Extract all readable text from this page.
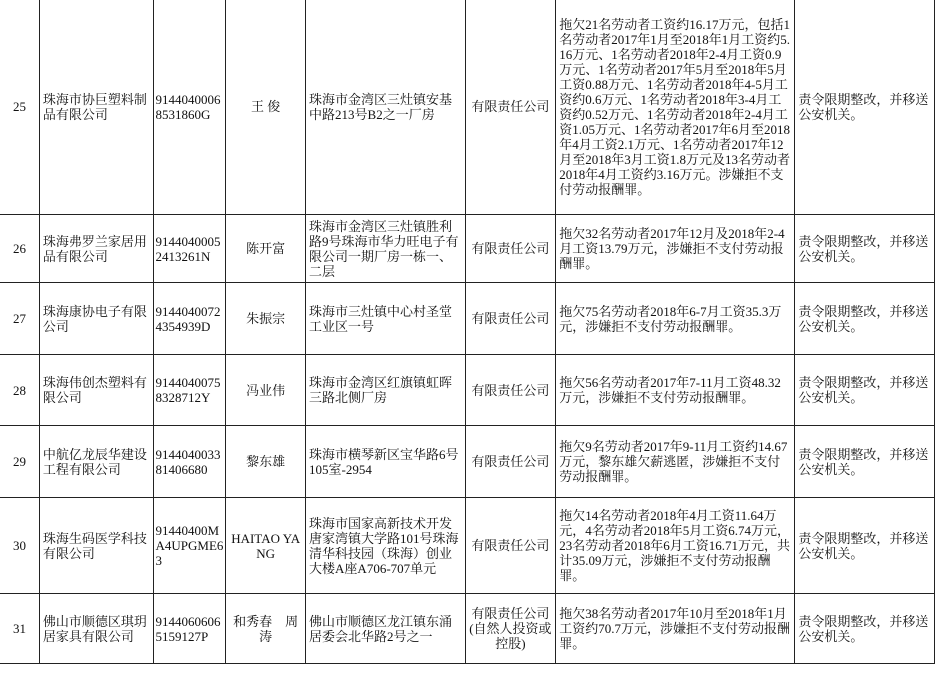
25	珠海市协巨塑料制品有限公司	91440400068531860G	王 俊	珠海市金湾区三灶镇安基中路213号B2之一厂房	有限责任公司	拖欠21名劳动者工资约16.17万元，包括1名劳动者2017年1月至2018年1月工资约5.16万元、1名劳动者2018年2-4月工资0.9万元、1名劳动者2017年5月至2018年5月工资0.88万元、1名劳动者2018年4-5月工资约0.6万元、1名劳动者2018年3-4月工资约0.52万元、1名劳动者2018年2-4月工资1.05万元、1名劳动者2017年6月至2018年4月工资2.1万元、1名劳动者2017年12月至2018年3月工资1.8万元及13名劳动者2018年4月工资约3.16万元。涉嫌拒不支付劳动报酬罪。	责令限期整改，并移送公安机关。
26	珠海弗罗兰家居用品有限公司	91440400052413261N	陈开富	珠海市金湾区三灶镇胜利路9号珠海市华力旺电子有限公司一期厂房一栋一、二层	有限责任公司	拖欠32名劳动者2017年12月及2018年2-4月工资13.79万元，涉嫌拒不支付劳动报酬罪。	责令限期整改，并移送公安机关。
27	珠海康协电子有限公司	91440400724354939D	朱振宗	珠海市三灶镇中心村圣堂工业区一号	有限责任公司	拖欠75名劳动者2018年6-7月工资35.3万元，涉嫌拒不支付劳动报酬罪。	责令限期整改，并移送公安机关。
28	珠海伟创杰塑料有限公司	91440400758328712Y	冯业伟	珠海市金湾区红旗镇虹晖三路北侧厂房	有限责任公司	拖欠56名劳动者2017年7-11月工资48.32万元，涉嫌拒不支付劳动报酬罪。	责令限期整改，并移送公安机关。
29	中航亿龙辰华建设工程有限公司	914404003381406680	黎东雄	珠海市横琴新区宝华路6号105室-2954	有限责任公司	拖欠9名劳动者2017年9-11月工资约14.67万元，黎东雄欠薪逃匿，涉嫌拒不支付劳动报酬罪。	责令限期整改，并移送公安机关。
30	珠海生码医学科技有限公司	91440400MA4UPGME63	HAITAO YANG	珠海市国家高新技术开发唐家湾镇大学路101号珠海清华科技园（珠海）创业大楼A座A706-707单元	有限责任公司	拖欠14名劳动者2018年4月工资11.64万元，4名劳动者2018年5月工资6.74万元，23名劳动者2018年6月工资16.71万元，共计35.09万元，涉嫌拒不支付劳动报酬罪。	责令限期整改，并移送公安机关。
31	佛山市顺德区琪玥居家具有限公司	91440606065159127P	和秀春　周涛	佛山市顺德区龙江镇东涌居委会北华路2号之一	有限责任公司(自然人投资或控股)	拖欠38名劳动者2017年10月至2018年1月工资约70.7万元，涉嫌拒不支付劳动报酬罪。	责令限期整改，并移送公安机关。
